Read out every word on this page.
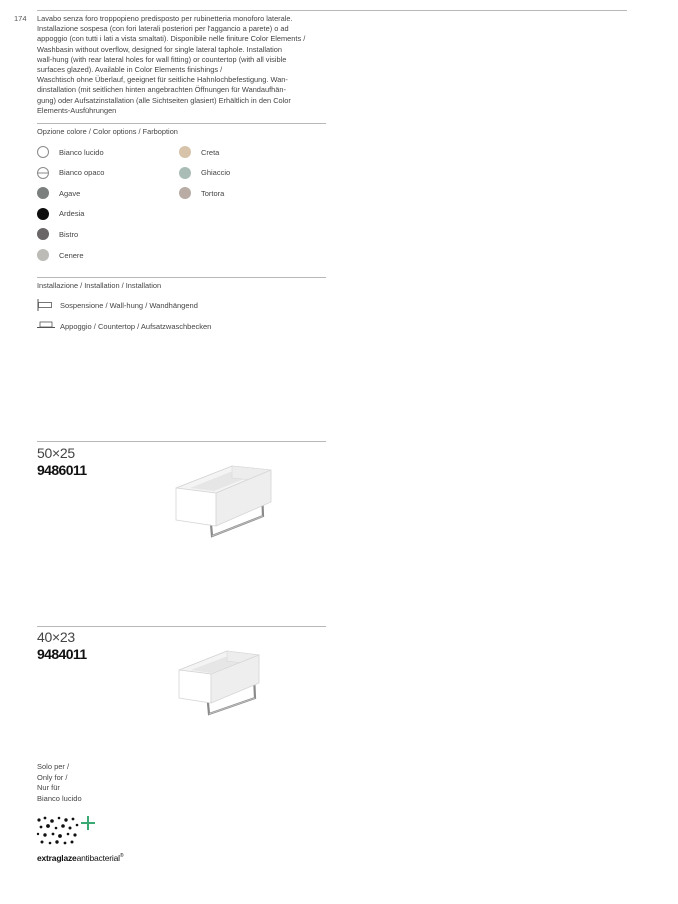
174 Lavabo senza foro troppopieno predisposto per rubinetteria monoforo laterale.
Installazione sospesa (con fori laterali posteriori per l'aggancio a parete) o ad
appoggio (con tutti i lati a vista smaltati). Disponibile nelle finiture Color Elements /
Washbasin without overflow, designed for single lateral taphole. Installation
wall-hung (with rear lateral holes for wall fitting) or countertop (with all visible
surfaces glazed). Available in Color Elements finishings /
Waschtisch ohne Überlauf, geeignet für seitliche Hahnlochbefestigung. Wan-
dinstallation (mit seitlichen hinten angebrachten Öffnungen für Wandaufhän-
gung) oder Aufsatzinstallation (alle Sichtseiten glasiert) Erhältlich in den Color
Elements-Ausführungen
Opzione colore / Color options / Farboption
Bianco lucido
Bianco opaco
Agave
Ardesia
Bistro
Cenere
Creta
Ghiaccio
Tortora
Installazione / Installation / Installation
Sospensione / Wall-hung / Wandhängend
Appoggio / Countertop / Aufsatzwaschbecken
50×25
9486011
40×23
9484011
Solo per /
Only for /
Nur für
Bianco lucido
extraglazeantibacterial®
